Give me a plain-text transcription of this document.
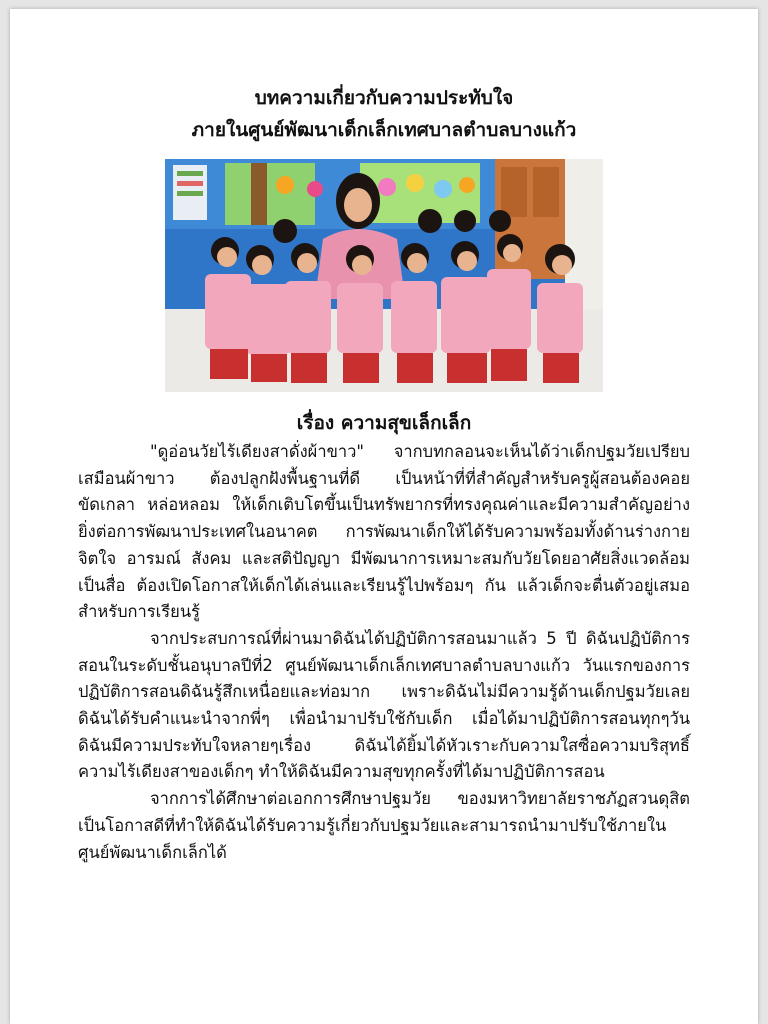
บทความเกี่ยวกับความประทับใจ
ภายในศูนย์พัฒนาเด็กเล็กเทศบาลตำบลบางแก้ว
เรื่อง ความสุขเล็กเล็ก

"ดูอ่อนวัยไร้เดียงสาดั่งผ้าขาว" จากบทกลอนจะเห็นได้ว่าเด็กปฐมวัยเปรียบเสมือนผ้าขาว ต้องปลูกฝังพื้นฐานที่ดี เป็นหน้าที่ที่สำคัญสำหรับครูผู้สอนต้องคอย ขัดเกลา หล่อหลอม ให้เด็กเติบโตขึ้นเป็นทรัพยากรที่ทรงคุณค่าและมีความสำคัญอย่างยิ่งต่อการพัฒนาประเทศในอนาคต การพัฒนาเด็กให้ได้รับความพร้อมทั้งด้านร่างกายจิตใจ อารมณ์ สังคม และสติปัญญา มีพัฒนาการเหมาะสมกับวัยโดยอาศัยสิ่งแวดล้อมเป็นสื่อ ต้องเปิดโอกาสให้เด็กได้เล่นและเรียนรู้ไปพร้อมๆ กัน แล้วเด็กจะตื่นตัวอยู่เสมอสำหรับการเรียนรู้

จากประสบการณ์ที่ผ่านมาดิฉันได้ปฏิบัติการสอนมาแล้ว 5 ปี ดิฉันปฏิบัติการสอนในระดับชั้นอนุบาลปีที่2 ศูนย์พัฒนาเด็กเล็กเทศบาลตำบลบางแก้ว วันแรกของการปฏิบัติการสอนดิฉันรู้สึกเหนื่อยและท่อมาก เพราะดิฉันไม่มีความรู้ด้านเด็กปฐมวัยเลย ดิฉันได้รับคำแนะนำจากพี่ๆ เพื่อนำมาปรับใช้กับเด็ก เมื่อได้มาปฏิบัติการสอนทุกๆวัน ดิฉันมีความประทับใจหลายๆเรื่อง ดิฉันได้ยิ้มได้หัวเราะกับความใสซื่อความบริสุทธิ์ความไร้เดียงสาของเด็กๆ ทำให้ดิฉันมีความสุขทุกครั้งที่ได้มาปฏิบัติการสอน

จากการได้ศึกษาต่อเอกการศึกษาปฐมวัย ของมหาวิทยาลัยราชภัฏสวนดุสิต เป็นโอกาสดีที่ทำให้ดิฉันได้รับความรู้เกี่ยวกับปฐมวัยและสามารถนำมาปรับใช้ภายในศูนย์พัฒนาเด็กเล็กได้
